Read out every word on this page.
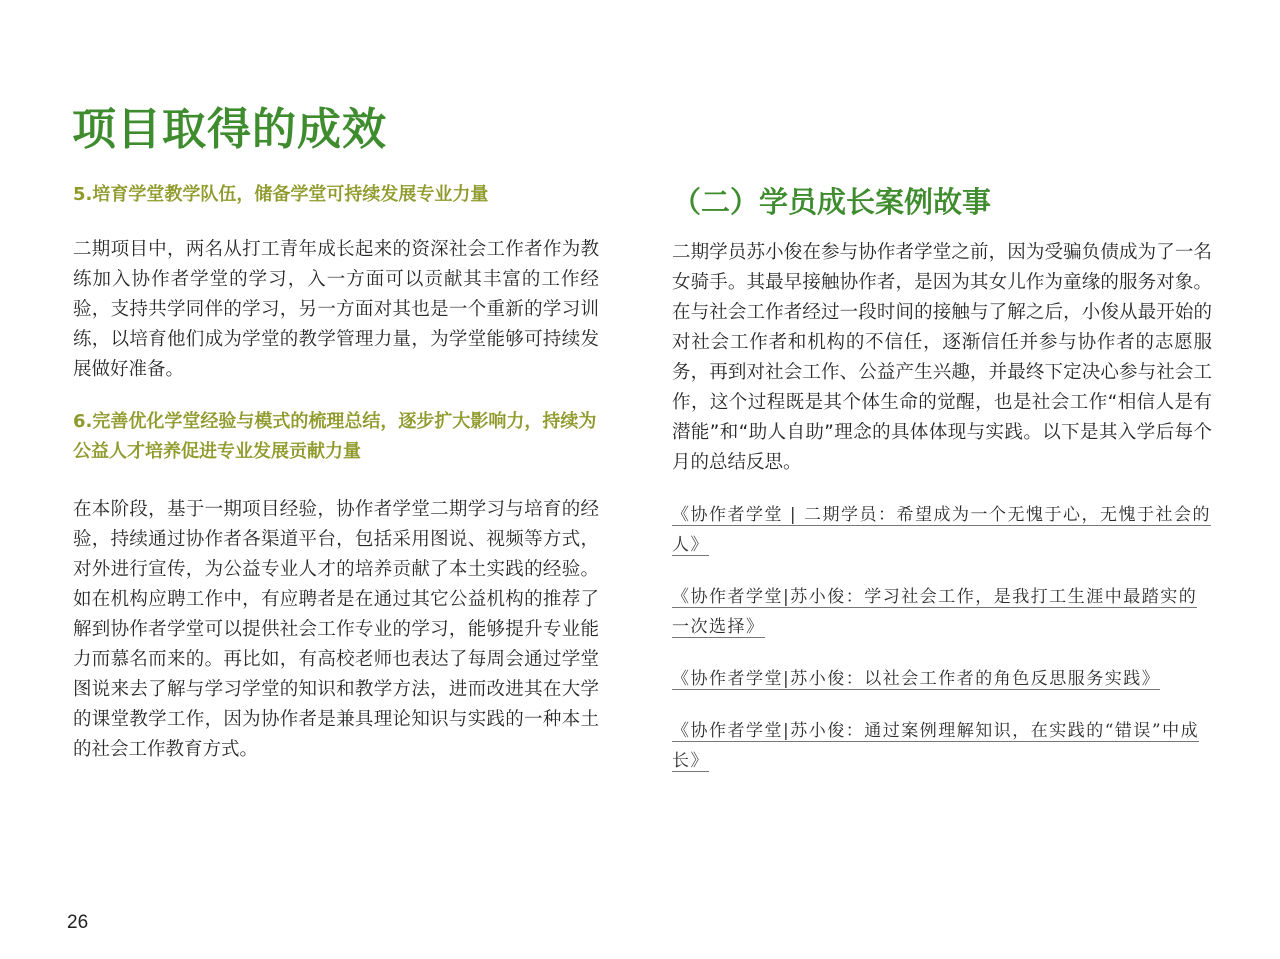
项目取得的成效

5.培育学堂教学队伍，储备学堂可持续发展专业力量

二期项目中，两名从打工青年成长起来的资深社会工作者作为教练加入协作者学堂的学习，入一方面可以贡献其丰富的工作经验，支持共学同伴的学习，另一方面对其也是一个重新的学习训练，以培育他们成为学堂的教学管理力量，为学堂能够可持续发展做好准备。

6.完善优化学堂经验与模式的梳理总结，逐步扩大影响力，持续为公益人才培养促进专业发展贡献力量

在本阶段，基于一期项目经验，协作者学堂二期学习与培育的经验，持续通过协作者各渠道平台，包括采用图说、视频等方式，对外进行宣传，为公益专业人才的培养贡献了本土实践的经验。如在机构应聘工作中，有应聘者是在通过其它公益机构的推荐了解到协作者学堂可以提供社会工作专业的学习，能够提升专业能力而慕名而来的。再比如，有高校老师也表达了每周会通过学堂图说来去了解与学习学堂的知识和教学方法，进而改进其在大学的课堂教学工作，因为协作者是兼具理论知识与实践的一种本土的社会工作教育方式。

（二）学员成长案例故事

二期学员苏小俊在参与协作者学堂之前，因为受骗负债成为了一名女骑手。其最早接触协作者，是因为其女儿作为童缘的服务对象。在与社会工作者经过一段时间的接触与了解之后，小俊从最开始的对社会工作者和机构的不信任，逐渐信任并参与协作者的志愿服务，再到对社会工作、公益产生兴趣，并最终下定决心参与社会工作，这个过程既是其个体生命的觉醒，也是社会工作“相信人是有潜能”和“助人自助”理念的具体体现与实践。以下是其入学后每个月的总结反思。

《协作者学堂 | 二期学员：希望成为一个无愧于心，无愧于社会的人》

《协作者学堂|苏小俊：学习社会工作，是我打工生涯中最踏实的一次选择》

《协作者学堂|苏小俊：以社会工作者的角色反思服务实践》

《协作者学堂|苏小俊：通过案例理解知识，在实践的“错误”中成长》

26
